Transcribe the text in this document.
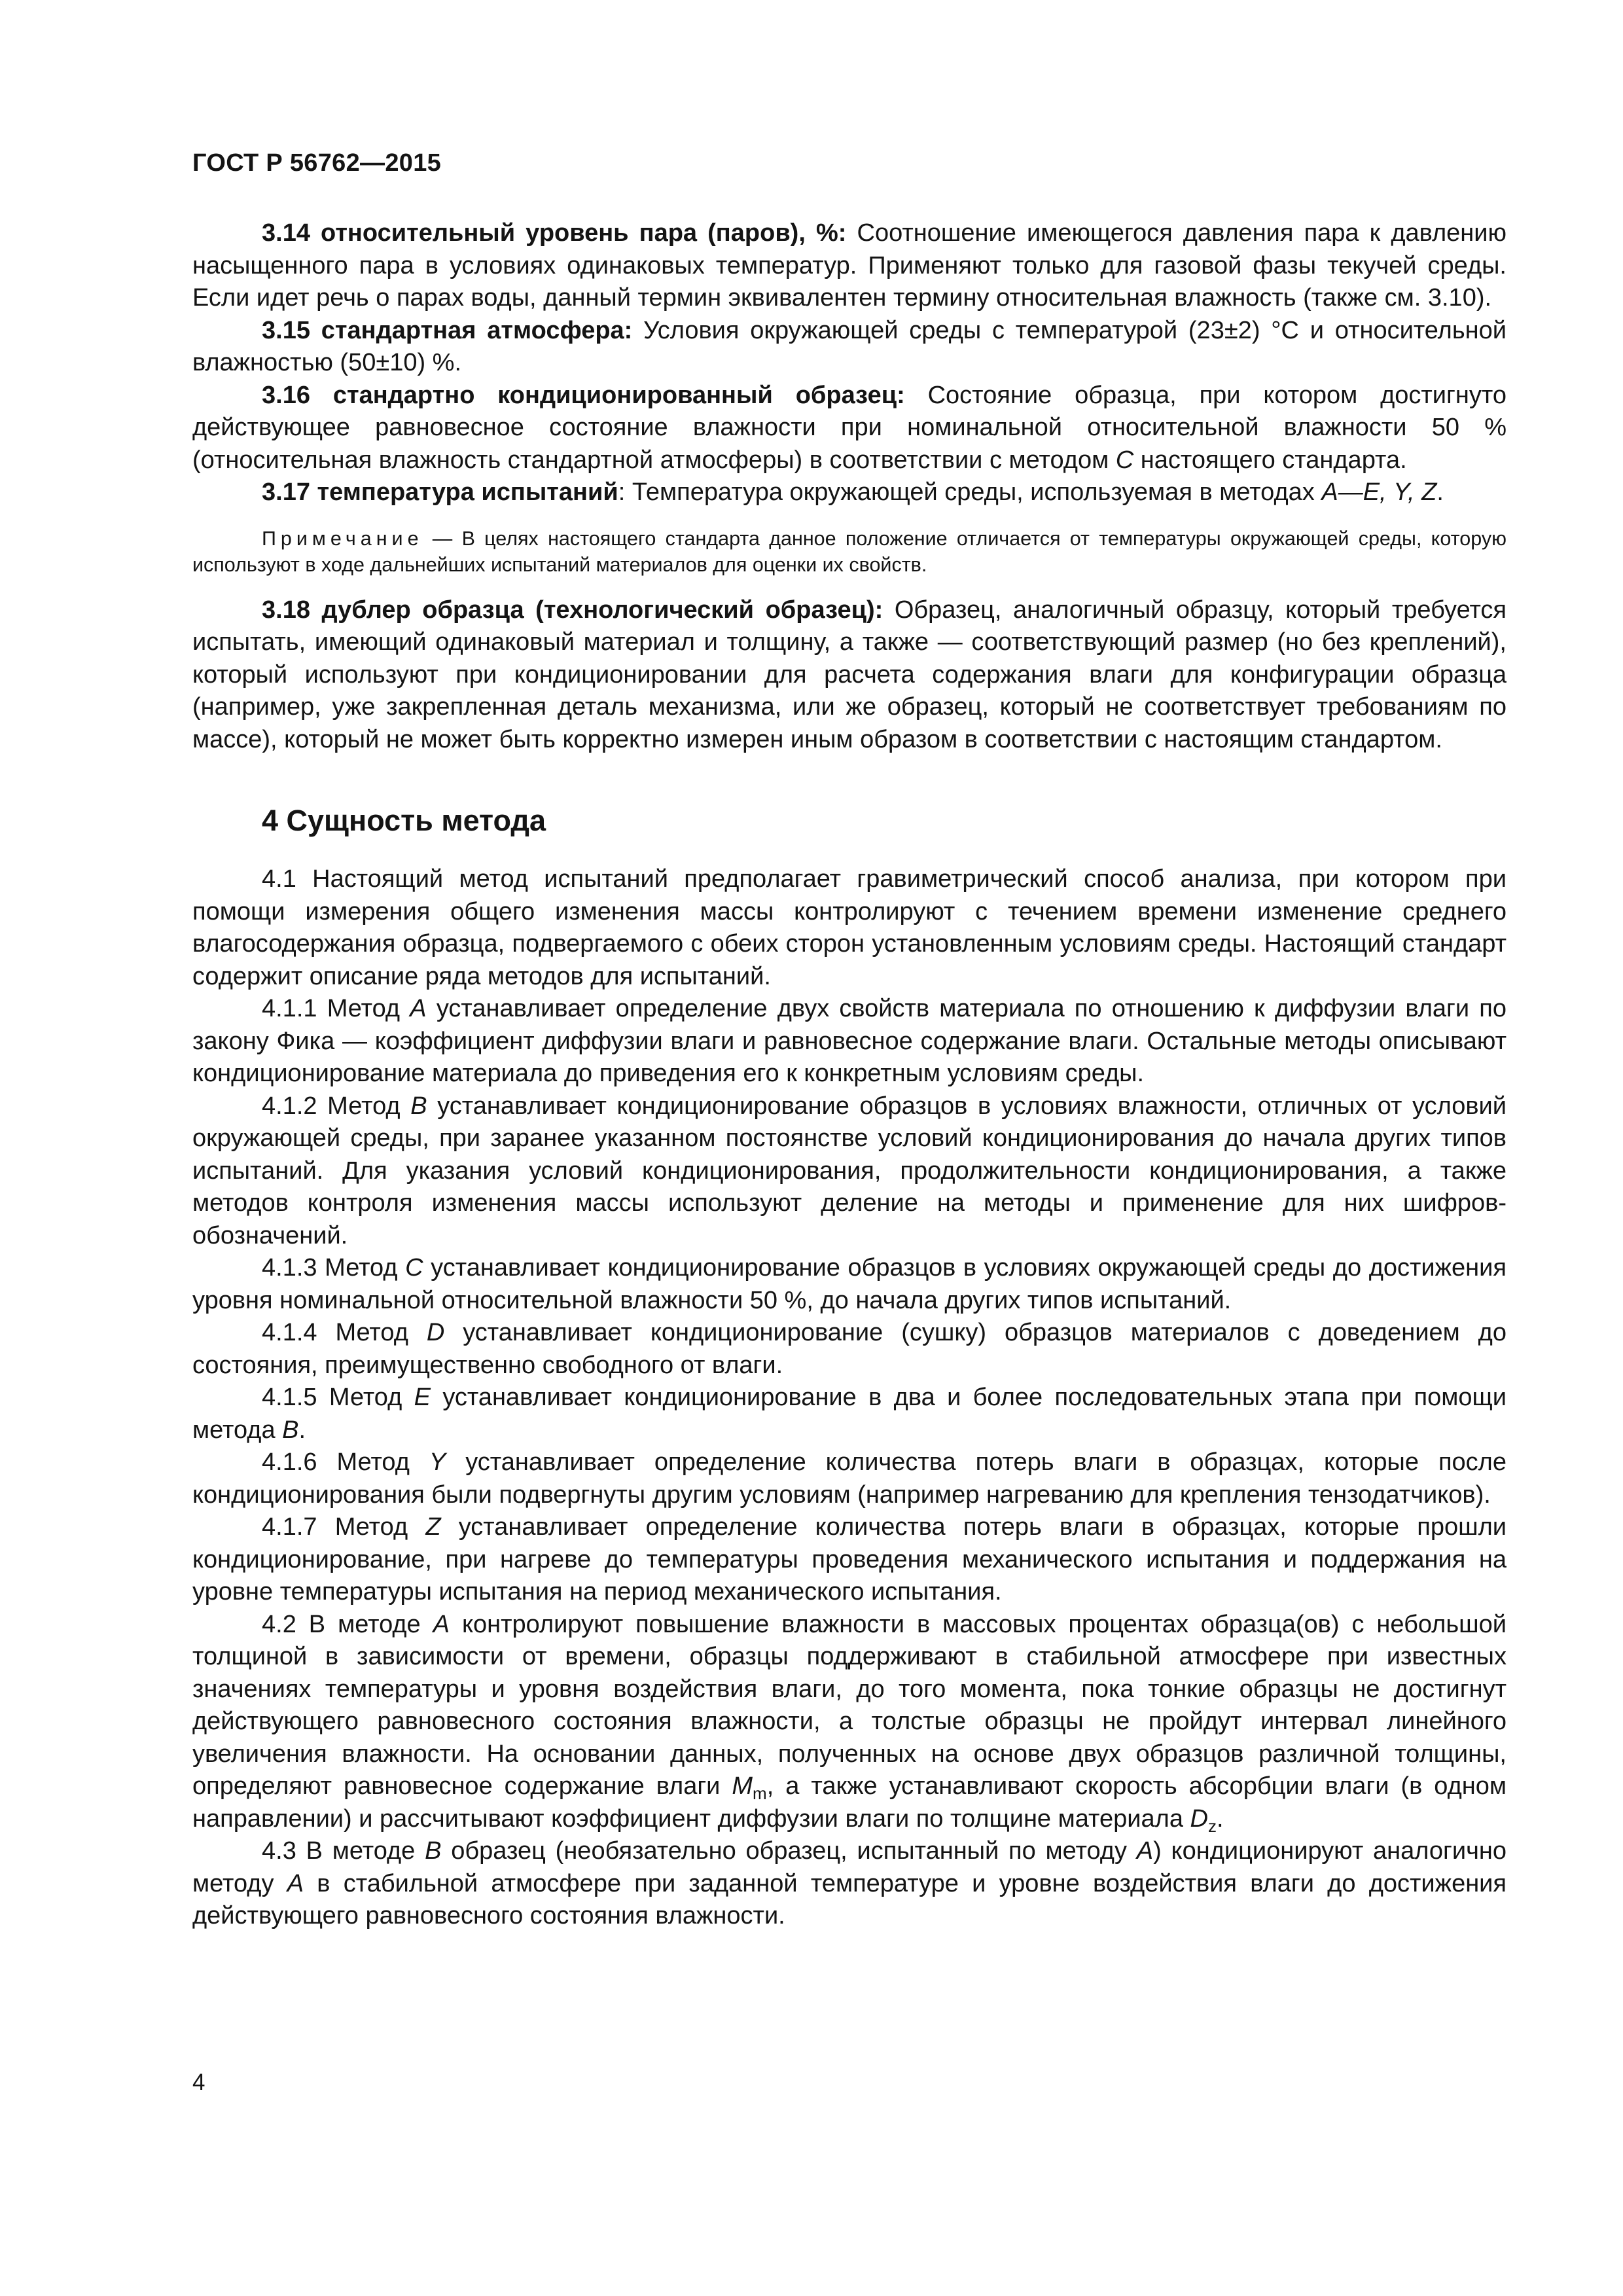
ГОСТ Р 56762—2015

3.14 относительный уровень пара (паров), %: Соотношение имеющегося давления пара к давлению насыщенного пара в условиях одинаковых температур. Применяют только для газовой фазы текучей среды. Если идет речь о парах воды, данный термин эквивалентен термину относительная влажность (также см. 3.10).

3.15 стандартная атмосфера: Условия окружающей среды с температурой (23±2) °С и относительной влажностью (50±10) %.

3.16 стандартно кондиционированный образец: Состояние образца, при котором достигнуто действующее равновесное состояние влажности при номинальной относительной влажности 50 % (относительная влажность стандартной атмосферы) в соответствии с методом С настоящего стандарта.

3.17 температура испытаний: Температура окружающей среды, используемая в методах А—Е, Y, Z.

Примечание — В целях настоящего стандарта данное положение отличается от температуры окружающей среды, которую используют в ходе дальнейших испытаний материалов для оценки их свойств.

3.18 дублер образца (технологический образец): Образец, аналогичный образцу, который требуется испытать, имеющий одинаковый материал и толщину, а также — соответствующий размер (но без креплений), который используют при кондиционировании для расчета содержания влаги для конфигурации образца (например, уже закрепленная деталь механизма, или же образец, который не соответствует требованиям по массе), который не может быть корректно измерен иным образом в соответствии с настоящим стандартом.

4 Сущность метода

4.1 Настоящий метод испытаний предполагает гравиметрический способ анализа, при котором при помощи измерения общего изменения массы контролируют с течением времени изменение среднего влагосодержания образца, подвергаемого с обеих сторон установленным условиям среды. Настоящий стандарт содержит описание ряда методов для испытаний.

4.1.1 Метод А устанавливает определение двух свойств материала по отношению к диффузии влаги по закону Фика — коэффициент диффузии влаги и равновесное содержание влаги. Остальные методы описывают кондиционирование материала до приведения его к конкретным условиям среды.

4.1.2 Метод В устанавливает кондиционирование образцов в условиях влажности, отличных от условий окружающей среды, при заранее указанном постоянстве условий кондиционирования до начала других типов испытаний. Для указания условий кондиционирования, продолжительности кондиционирования, а также методов контроля изменения массы используют деление на методы и применение для них шифров-обозначений.

4.1.3 Метод С устанавливает кондиционирование образцов в условиях окружающей среды до достижения уровня номинальной относительной влажности 50 %, до начала других типов испытаний.

4.1.4 Метод D устанавливает кондиционирование (сушку) образцов материалов с доведением до состояния, преимущественно свободного от влаги.

4.1.5 Метод Е устанавливает кондиционирование в два и более последовательных этапа при помощи метода В.

4.1.6 Метод Y устанавливает определение количества потерь влаги в образцах, которые после кондиционирования были подвергнуты другим условиям (например нагреванию для крепления тензодатчиков).

4.1.7 Метод Z устанавливает определение количества потерь влаги в образцах, которые прошли кондиционирование, при нагреве до температуры проведения механического испытания и поддержания на уровне температуры испытания на период механического испытания.

4.2 В методе А контролируют повышение влажности в массовых процентах образца(ов) с небольшой толщиной в зависимости от времени, образцы поддерживают в стабильной атмосфере при известных значениях температуры и уровня воздействия влаги, до того момента, пока тонкие образцы не достигнут действующего равновесного состояния влажности, а толстые образцы не пройдут интервал линейного увеличения влажности. На основании данных, полученных на основе двух образцов различной толщины, определяют равновесное содержание влаги $M_m$, а также устанавливают скорость абсорбции влаги (в одном направлении) и рассчитывают коэффициент диффузии влаги по толщине материала $D_z$.

4.3 В методе В образец (необязательно образец, испытанный по методу А) кондиционируют аналогично методу А в стабильной атмосфере при заданной температуре и уровне воздействия влаги до достижения действующего равновесного состояния влажности.

4
